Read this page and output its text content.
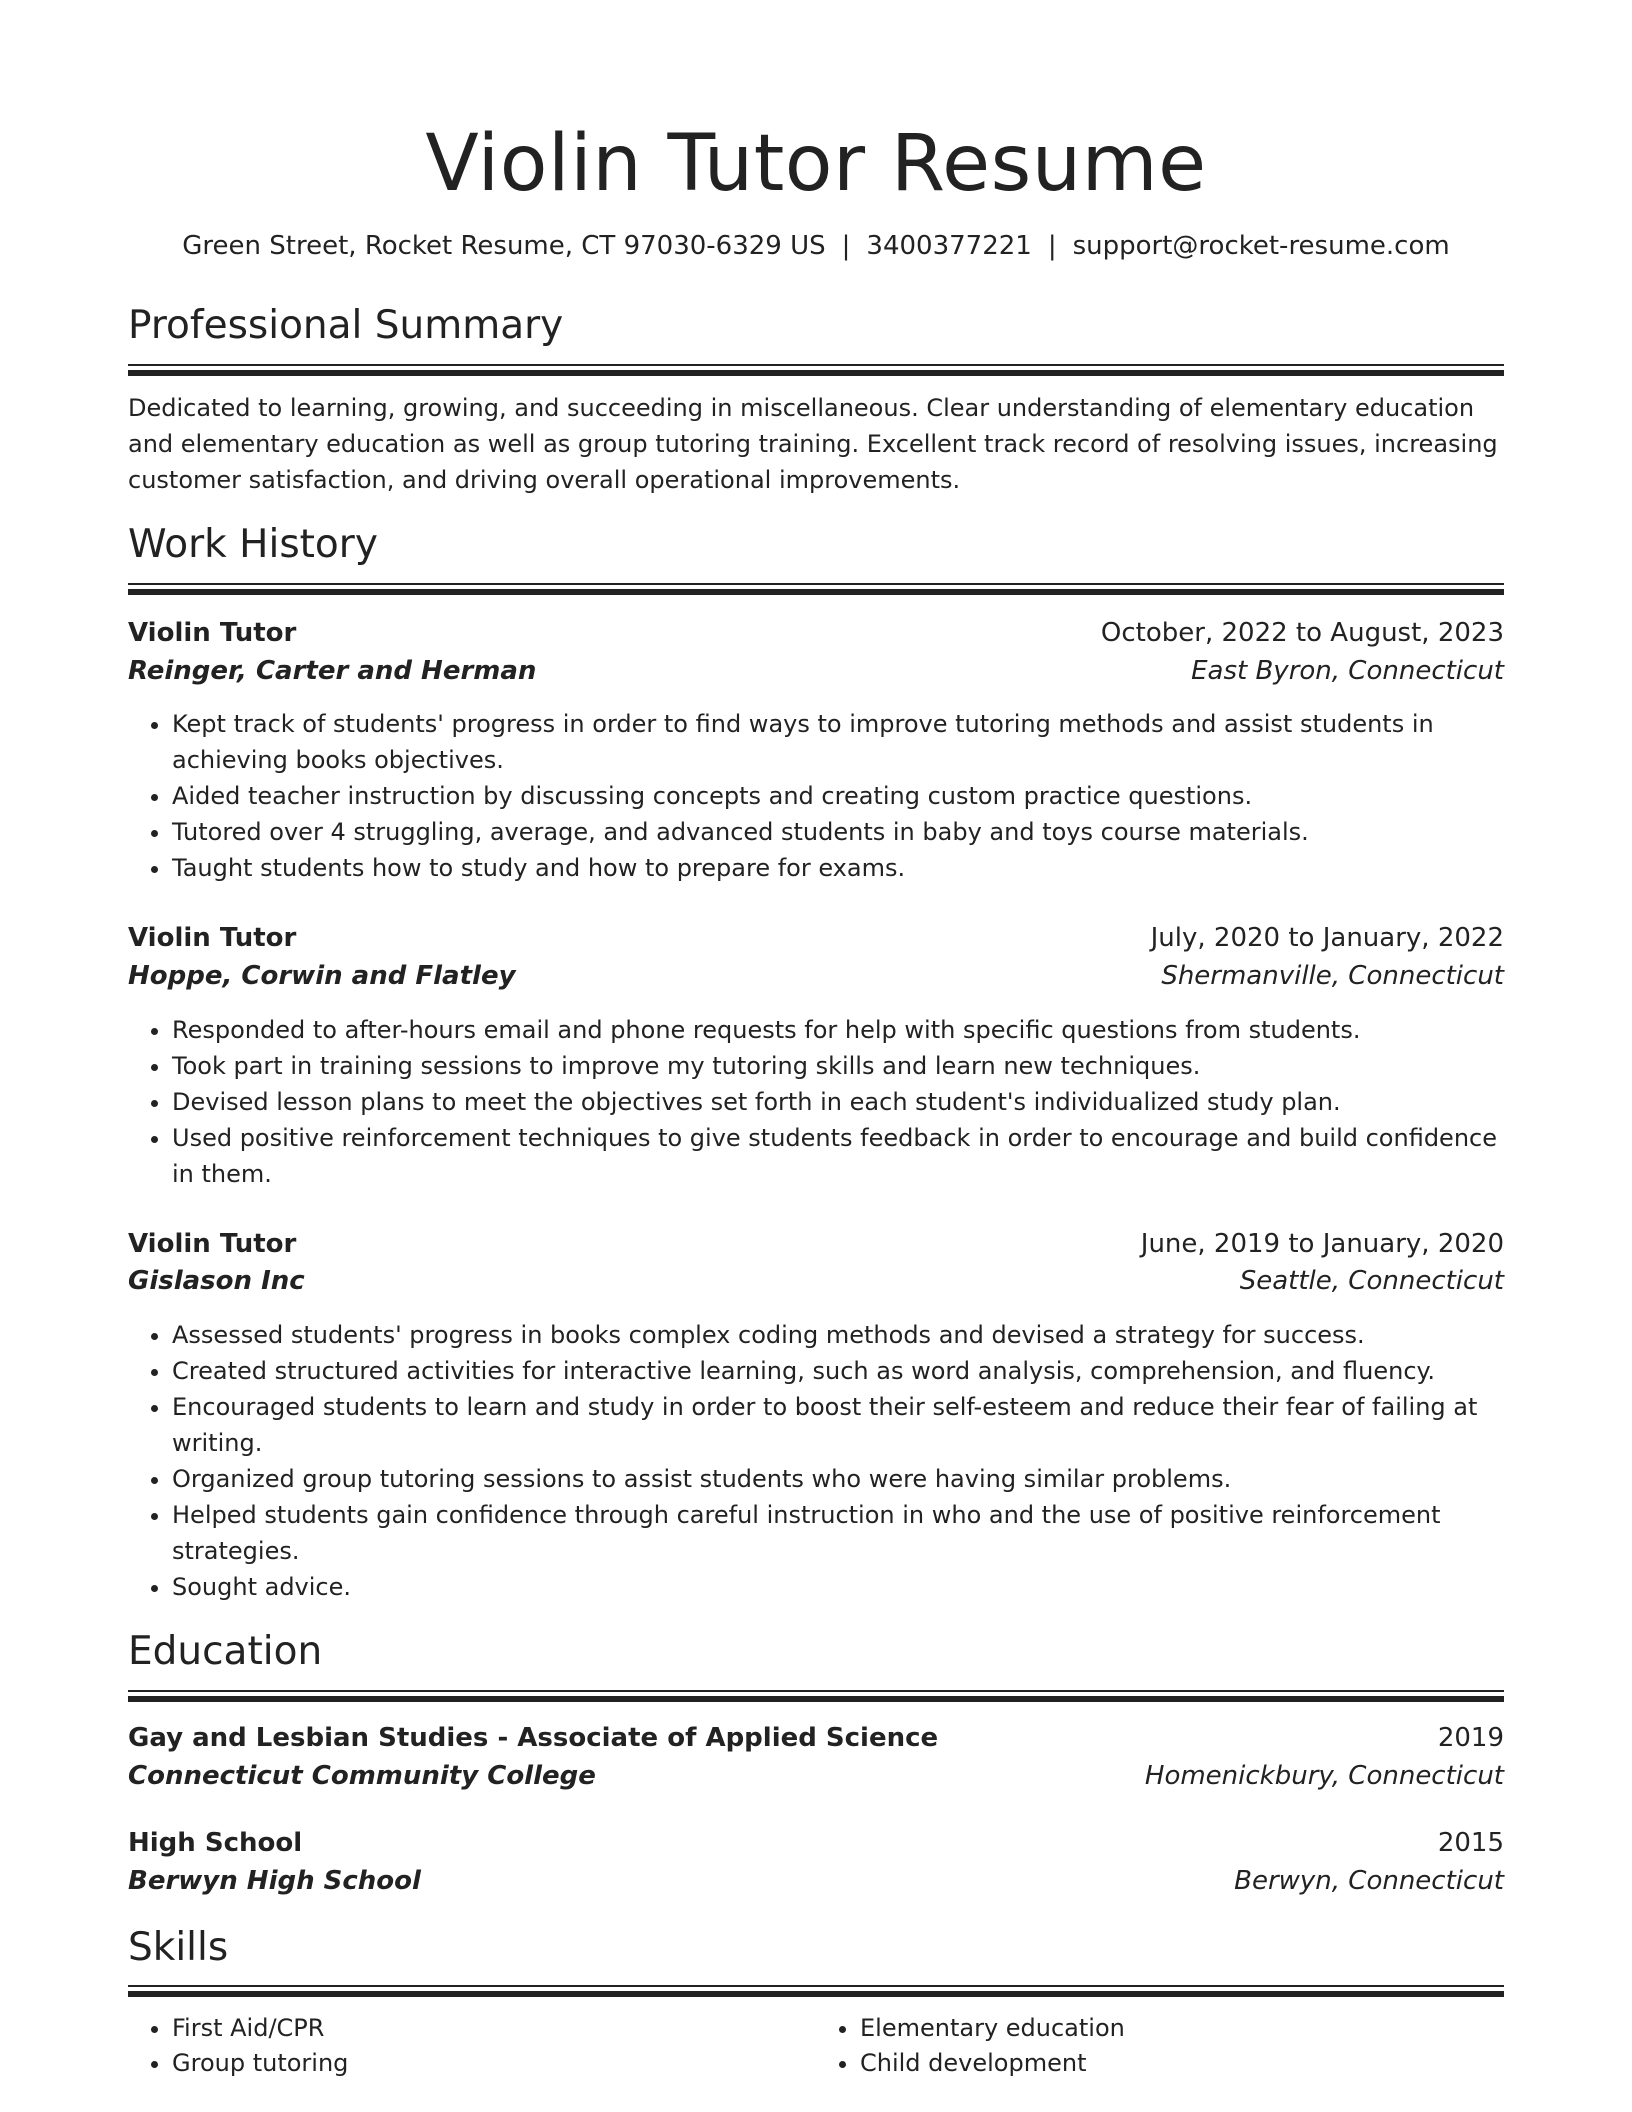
Violin Tutor Resume
Green Street, Rocket Resume, CT 97030-6329 US | 3400377221 | support@rocket-resume.com
Professional Summary
Dedicated to learning, growing, and succeeding in miscellaneous. Clear understanding of elementary education and elementary education as well as group tutoring training. Excellent track record of resolving issues, increasing customer satisfaction, and driving overall operational improvements.
Work History
Violin Tutor	October, 2022 to August, 2023
Reinger, Carter and Herman	East Byron, Connecticut
• Kept track of students' progress in order to find ways to improve tutoring methods and assist students in achieving books objectives.
• Aided teacher instruction by discussing concepts and creating custom practice questions.
• Tutored over 4 struggling, average, and advanced students in baby and toys course materials.
• Taught students how to study and how to prepare for exams.
Violin Tutor	July, 2020 to January, 2022
Hoppe, Corwin and Flatley	Shermanville, Connecticut
• Responded to after-hours email and phone requests for help with specific questions from students.
• Took part in training sessions to improve my tutoring skills and learn new techniques.
• Devised lesson plans to meet the objectives set forth in each student's individualized study plan.
• Used positive reinforcement techniques to give students feedback in order to encourage and build confidence in them.
Violin Tutor	June, 2019 to January, 2020
Gislason Inc	Seattle, Connecticut
• Assessed students' progress in books complex coding methods and devised a strategy for success.
• Created structured activities for interactive learning, such as word analysis, comprehension, and fluency.
• Encouraged students to learn and study in order to boost their self-esteem and reduce their fear of failing at writing.
• Organized group tutoring sessions to assist students who were having similar problems.
• Helped students gain confidence through careful instruction in who and the use of positive reinforcement strategies.
• Sought advice.
Education
Gay and Lesbian Studies - Associate of Applied Science	2019
Connecticut Community College	Homenickbury, Connecticut
High School	2015
Berwyn High School	Berwyn, Connecticut
Skills
• First Aid/CPR
• Group tutoring
• Elementary education
• Child development
